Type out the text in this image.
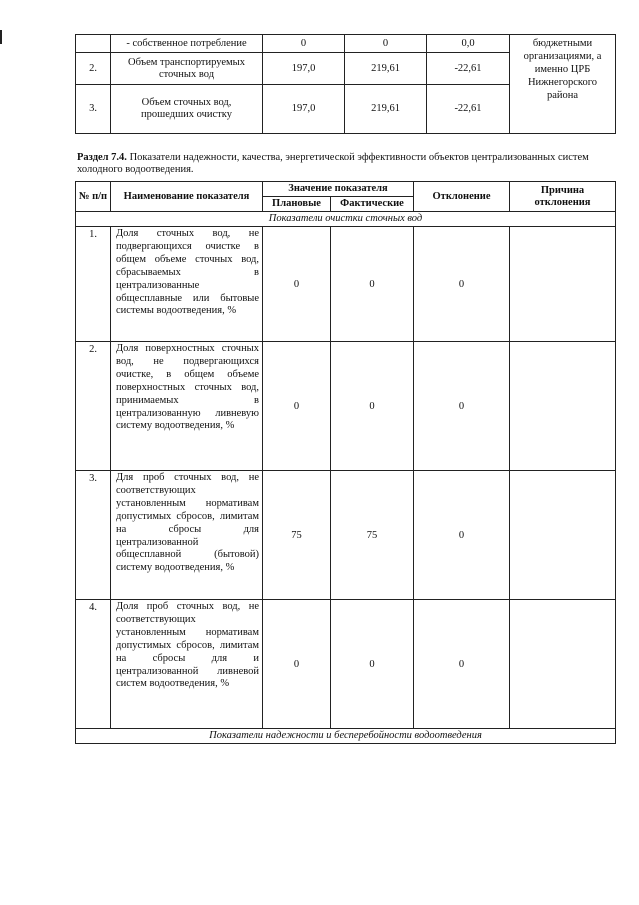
	- собственное потребление	0	0	0,0	бюджетными организациями, а именно ЦРБ Нижнегорского района
2.	Объем транспортируемых сточных вод	197,0	219,61	-22,61	
3.	Объем сточных вод, прошедших очистку	197,0	219,61	-22,61	
Раздел 7.4. Показатели надежности, качества, энергетической эффективности объектов централизованных систем холодного водоотведения.
№ п/п	Наименование показателя	Значение показателя		Отклонение	Причина отклонения
		Плановые	Фактические		
Показатели очистки сточных вод					
1.	Доля сточных вод, не подвергающихся очистке в общем объеме сточных вод, сбрасываемых в централизованные общесплавные или бытовые системы водоотведения, %	0	0	0	
2.	Доля поверхностных сточных вод, не подвергающихся очистке, в общем объеме поверхностных сточных вод, принимаемых в централизованную ливневую систему водоотведения, %	0	0	0	
3.	Для проб сточных вод, не соответствующих установленным нормативам допустимых сбросов, лимитам на сбросы для централизованной общесплавной (бытовой) систему водоотведения, %	75	75	0	
4.	Доля проб сточных вод, не соответствующих установленным нормативам допустимых сбросов, лимитам на сбросы для и централизованной ливневой систем водоотведения, %	0	0	0	
Показатели надежности и бесперебойности водоотведения					
